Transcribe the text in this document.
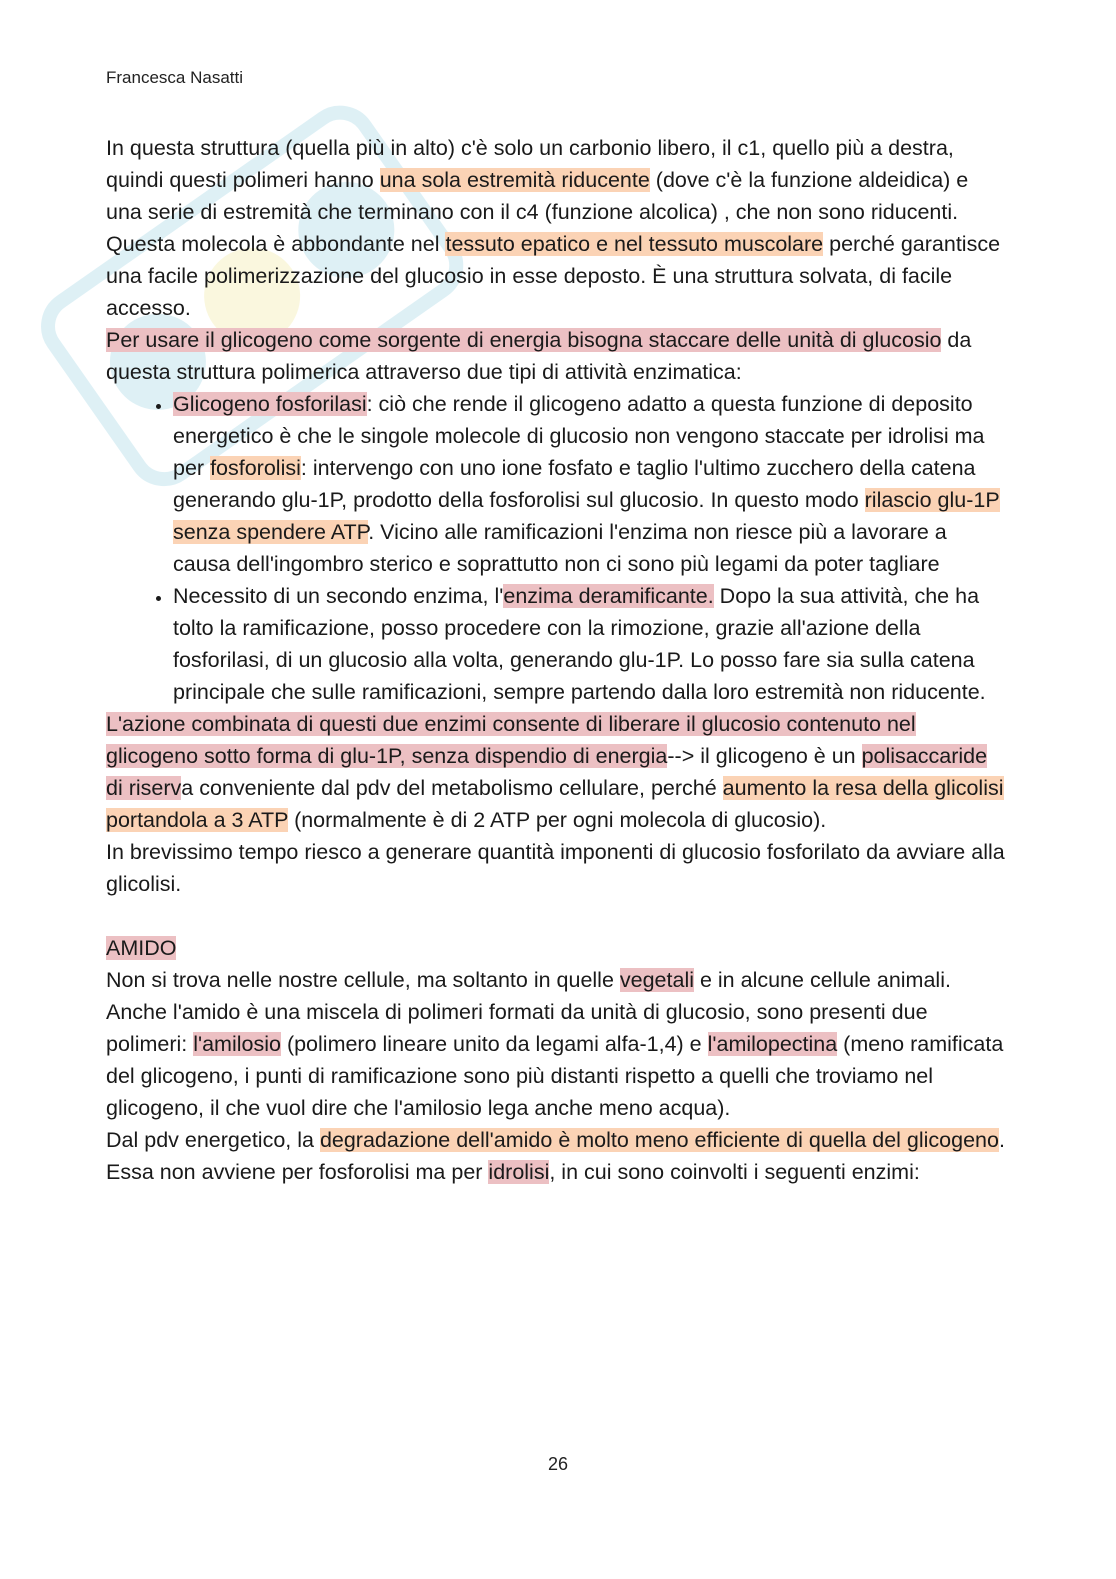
Francesca Nasatti

In questa struttura (quella più in alto) c'è solo un carbonio libero, il c1, quello più a destra, quindi questi polimeri hanno una sola estremità riducente (dove c'è la funzione aldeidica) e una serie di estremità che terminano con il c4 (funzione alcolica) , che non sono riducenti.

Questa molecola è abbondante nel tessuto epatico e nel tessuto muscolare perché garantisce una facile polimerizzazione del glucosio in esse deposto. È una struttura solvata, di facile accesso.

Per usare il glicogeno come sorgente di energia bisogna staccare delle unità di glucosio da questa struttura polimerica attraverso due tipi di attività enzimatica:

• Glicogeno fosforilasi: ciò che rende il glicogeno adatto a questa funzione di deposito energetico è che le singole molecole di glucosio non vengono staccate per idrolisi ma per fosforolisi: intervengo con uno ione fosfato e taglio l'ultimo zucchero della catena generando glu-1P, prodotto della fosforolisi sul glucosio. In questo modo rilascio glu-1P senza spendere ATP. Vicino alle ramificazioni l'enzima non riesce più a lavorare a causa dell'ingombro sterico e soprattutto non ci sono più legami da poter tagliare
• Necessito di un secondo enzima, l'enzima deramificante. Dopo la sua attività, che ha tolto la ramificazione, posso procedere con la rimozione, grazie all'azione della fosforilasi, di un glucosio alla volta, generando glu-1P. Lo posso fare sia sulla catena principale che sulle ramificazioni, sempre partendo dalla loro estremità non riducente.

L'azione combinata di questi due enzimi consente di liberare il glucosio contenuto nel glicogeno sotto forma di glu-1P, senza dispendio di energia--> il glicogeno è un polisaccaride di riserva conveniente dal pdv del metabolismo cellulare, perché aumento la resa della glicolisi portandola a 3 ATP (normalmente è di 2 ATP per ogni molecola di glucosio).

In brevissimo tempo riesco a generare quantità imponenti di glucosio fosforilato da avviare alla glicolisi.

AMIDO

Non si trova nelle nostre cellule, ma soltanto in quelle vegetali e in alcune cellule animali.

Anche l'amido è una miscela di polimeri formati da unità di glucosio, sono presenti due polimeri: l'amilosio (polimero lineare unito da legami alfa-1,4) e l'amilopectina (meno ramificata del glicogeno, i punti di ramificazione sono più distanti rispetto a quelli che troviamo nel glicogeno, il che vuol dire che l'amilosio lega anche meno acqua).

Dal pdv energetico, la degradazione dell'amido è molto meno efficiente di quella del glicogeno. Essa non avviene per fosforolisi ma per idrolisi, in cui sono coinvolti i seguenti enzimi:

26
